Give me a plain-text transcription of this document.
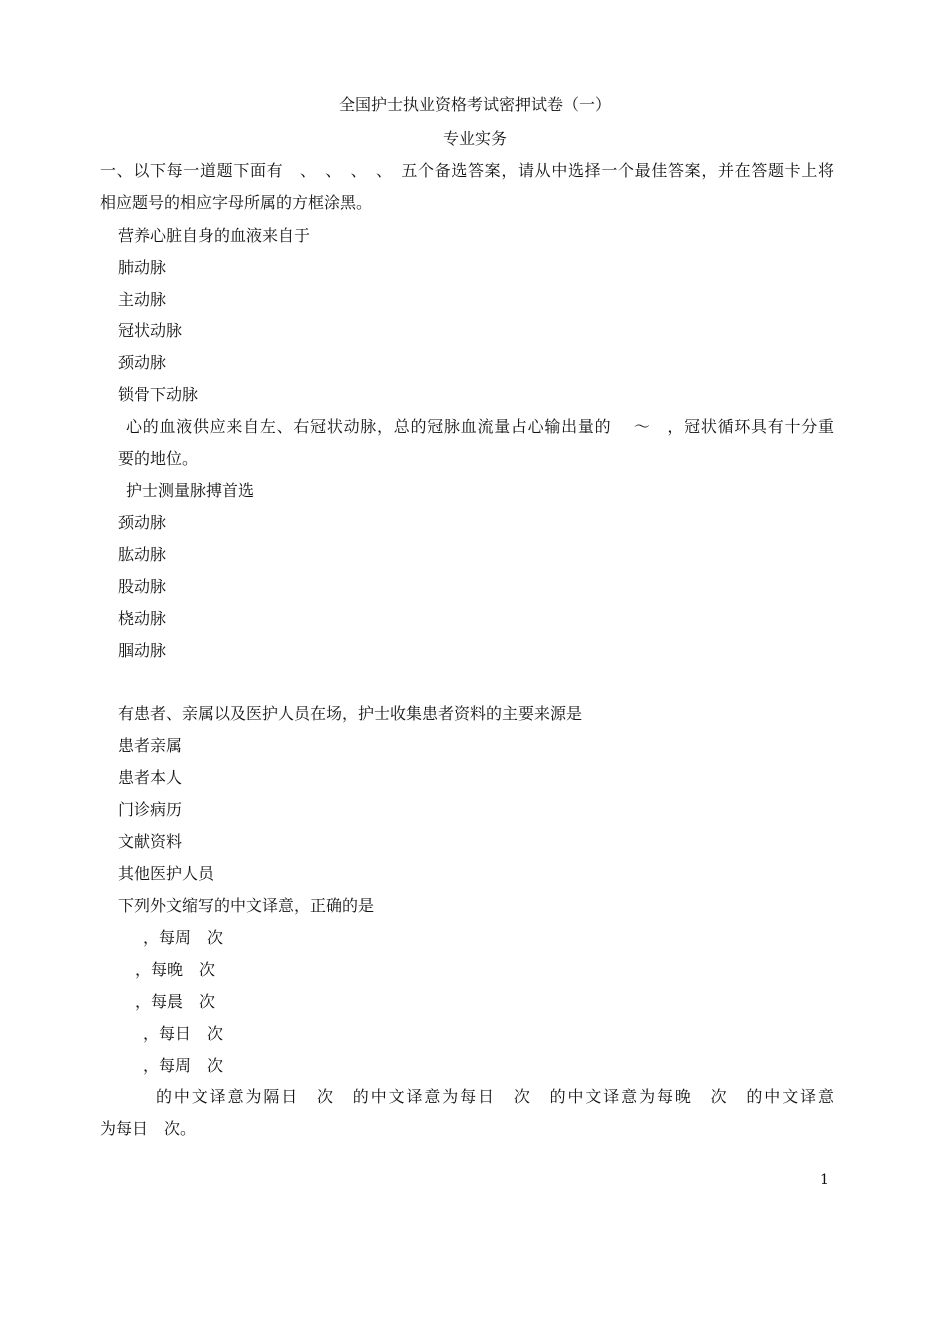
全国护士执业资格考试密押试卷（一）
专业实务
一、以下每一道题下面有　、　、　、　、　五个备选答案，请从中选择一个最佳答案，并在答题卡上将
相应题号的相应字母所属的方框涂黑。
营养心脏自身的血液来自于
肺动脉
主动脉
冠状动脉
颈动脉
锁骨下动脉
心的血液供应来自左、右冠状动脉，总的冠脉血流量占心输出量的　 ～　，冠状循环具有十分重
要的地位。
护士测量脉搏首选
颈动脉
肱动脉
股动脉
桡动脉
腘动脉
有患者、亲属以及医护人员在场，护士收集患者资料的主要来源是
患者亲属
患者本人
门诊病历
文献资料
其他医护人员
下列外文缩写的中文译意，正确的是
，每周　次
，每晚　次
，每晨　次
，每日　次
，每周　次
的中文译意为隔日　次　的中文译意为每日　次　的中文译意为每晚　次　的中文译意
为每日　次。
1
